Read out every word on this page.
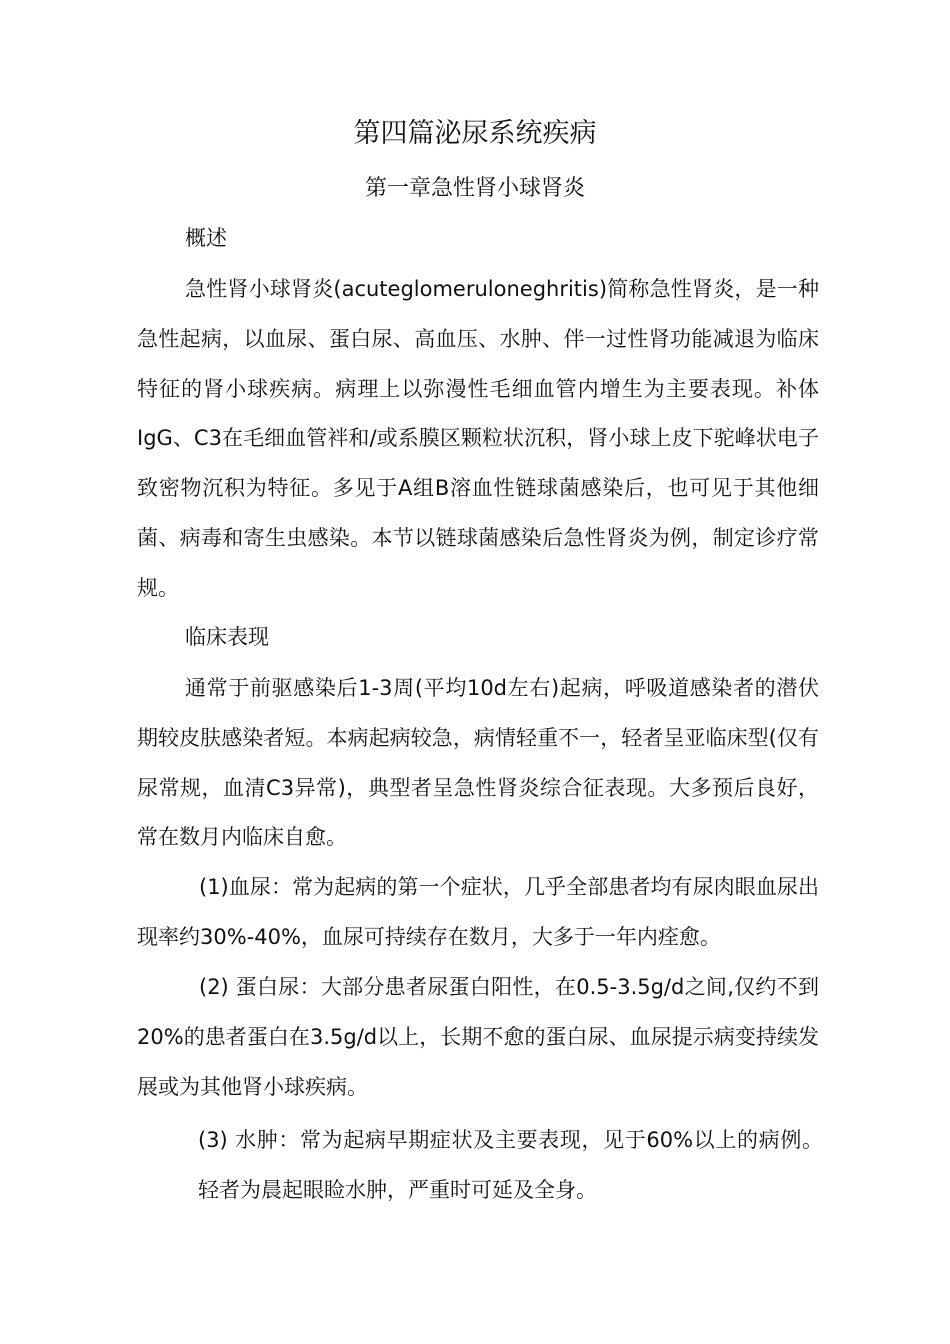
第四篇泌尿系统疾病
第一章急性肾小球肾炎
概述

急性肾小球肾炎(acuteglomeruloneghritis)简称急性肾炎，是一种急性起病，以血尿、蛋白尿、高血压、水肿、伴一过性肾功能减退为临床特征的肾小球疾病。病理上以弥漫性毛细血管内增生为主要表现。补体IgG、C3在毛细血管袢和/或系膜区颗粒状沉积，肾小球上皮下驼峰状电子致密物沉积为特征。多见于A组B溶血性链球菌感染后，也可见于其他细菌、病毒和寄生虫感染。本节以链球菌感染后急性肾炎为例，制定诊疗常规。

临床表现

通常于前驱感染后1-3周(平均10d左右)起病，呼吸道感染者的潜伏期较皮肤感染者短。本病起病较急，病情轻重不一，轻者呈亚临床型(仅有尿常规，血清C3异常)，典型者呈急性肾炎综合征表现。大多预后良好，常在数月内临床自愈。

(1)血尿：常为起病的第一个症状，几乎全部患者均有尿肉眼血尿出现率约30%-40%，血尿可持续存在数月，大多于一年内痊愈。

(2) 蛋白尿：大部分患者尿蛋白阳性，在0.5-3.5g/d之间,仅约不到20%的患者蛋白在3.5g/d以上，长期不愈的蛋白尿、血尿提示病变持续发展或为其他肾小球疾病。

(3) 水肿：常为起病早期症状及主要表现，见于60%以上的病例。轻者为晨起眼睑水肿，严重时可延及全身。
